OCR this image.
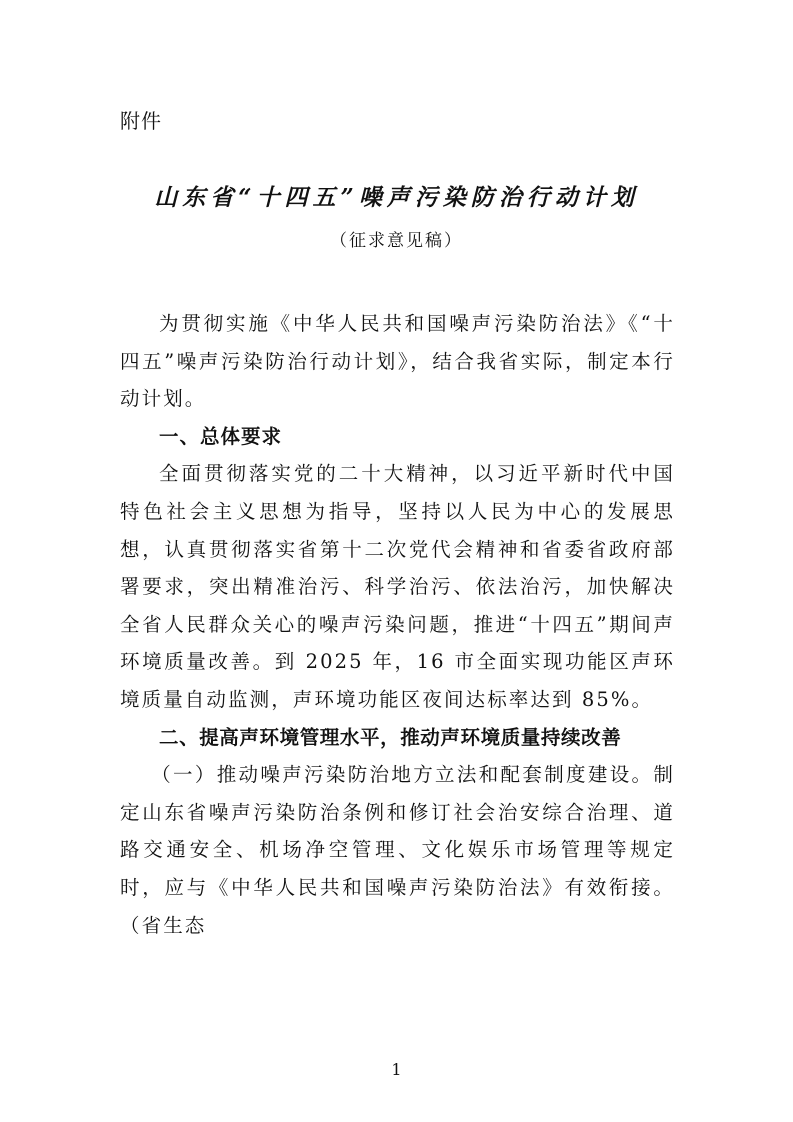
附件
山东省“十四五”噪声污染防治行动计划
（征求意见稿）

为贯彻实施《中华人民共和国噪声污染防治法》《“十四五”噪声污染防治行动计划》，结合我省实际，制定本行动计划。

一、总体要求

全面贯彻落实党的二十大精神，以习近平新时代中国特色社会主义思想为指导，坚持以人民为中心的发展思想，认真贯彻落实省第十二次党代会精神和省委省政府部署要求，突出精准治污、科学治污、依法治污，加快解决全省人民群众关心的噪声污染问题，推进“十四五”期间声环境质量改善。到 2025 年，16 市全面实现功能区声环境质量自动监测，声环境功能区夜间达标率达到 85%。

二、提高声环境管理水平，推动声环境质量持续改善

（一）推动噪声污染防治地方立法和配套制度建设。制定山东省噪声污染防治条例和修订社会治安综合治理、道路交通安全、机场净空管理、文化娱乐市场管理等规定时，应与《中华人民共和国噪声污染防治法》有效衔接。（省生态

1
